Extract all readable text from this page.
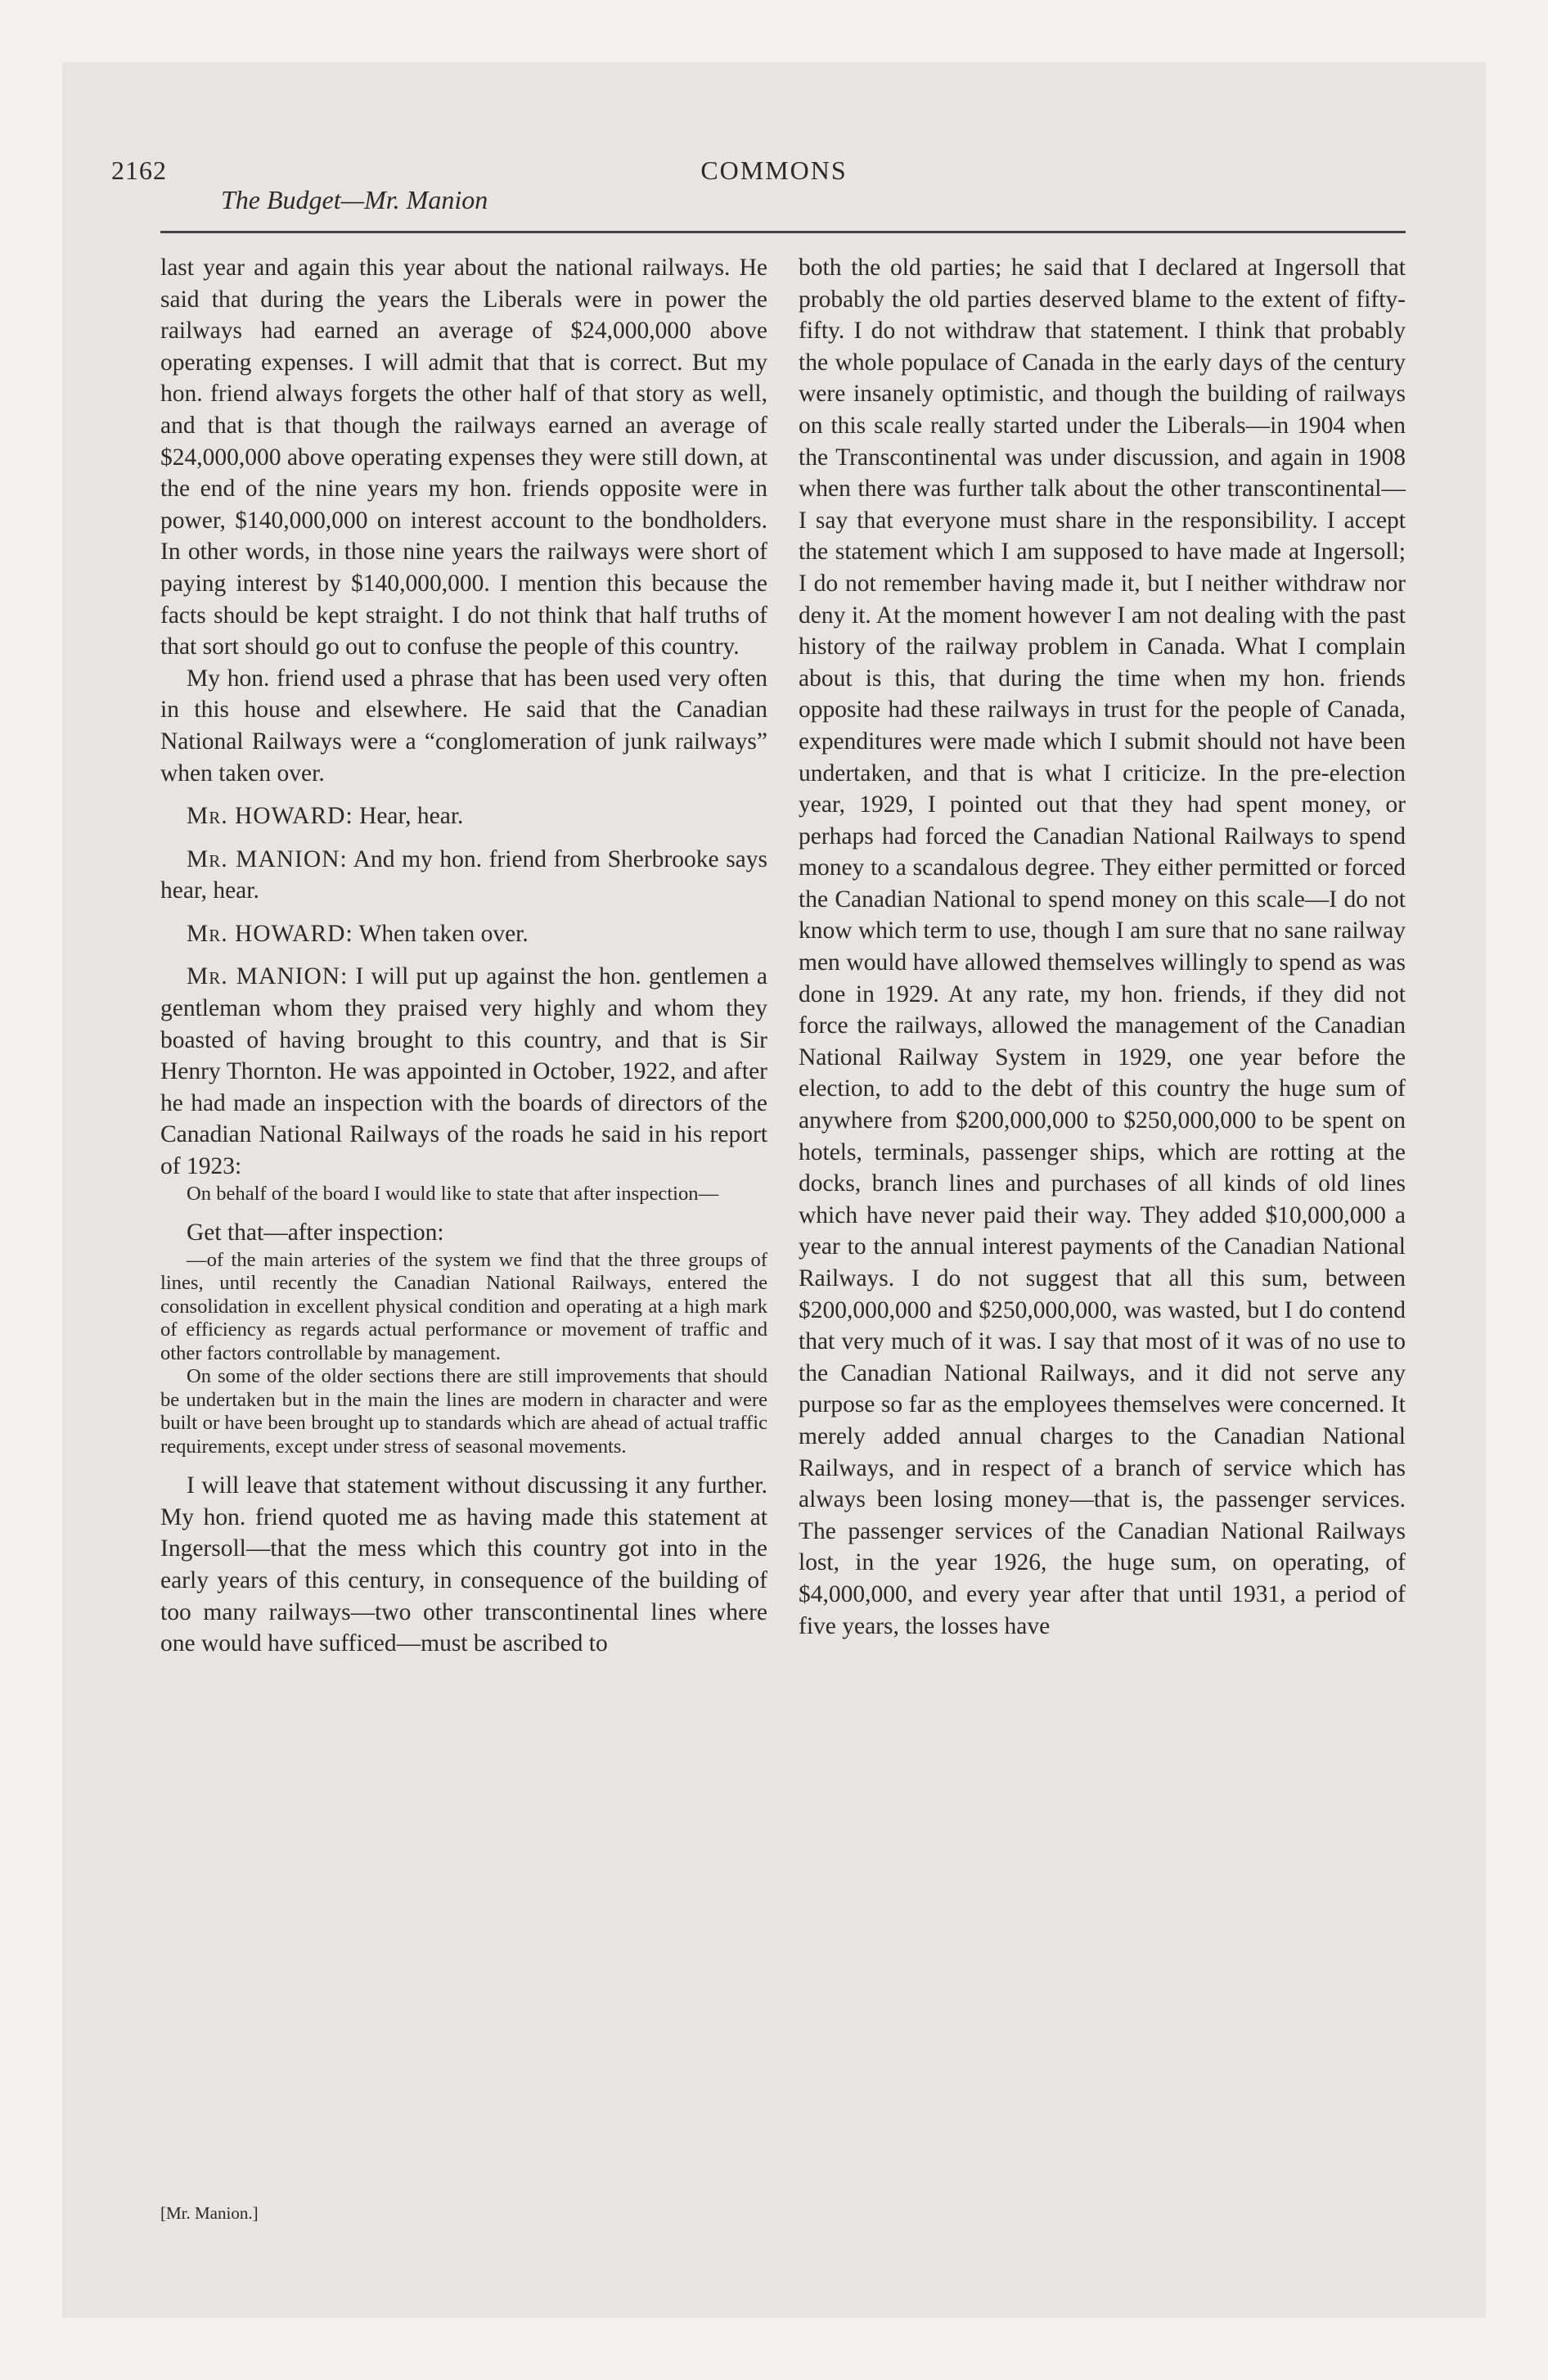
2162	COMMONS
The Budget—Mr. Manion

last year and again this year about the national railways. He said that during the years the Liberals were in power the railways had earned an average of $24,000,000 above operating expenses. I will admit that that is correct. But my hon. friend always forgets the other half of that story as well, and that is that though the railways earned an average of $24,000,000 above operating expenses they were still down, at the end of the nine years my hon. friends opposite were in power, $140,000,000 on interest account to the bondholders. In other words, in those nine years the railways were short of paying interest by $140,000,000. I mention this because the facts should be kept straight. I do not think that half truths of that sort should go out to confuse the people of this country.

My hon. friend used a phrase that has been used very often in this house and elsewhere. He said that the Canadian National Railways were a “conglomeration of junk railways” when taken over.

Mr. HOWARD: Hear, hear.

Mr. MANION: And my hon. friend from Sherbrooke says hear, hear.

Mr. HOWARD: When taken over.

Mr. MANION: I will put up against the hon. gentlemen a gentleman whom they praised very highly and whom they boasted of having brought to this country, and that is Sir Henry Thornton. He was appointed in October, 1922, and after he had made an inspection with the boards of directors of the Canadian National Railways of the roads he said in his report of 1923:

On behalf of the board I would like to state that after inspection—

Get that—after inspection:

—of the main arteries of the system we find that the three groups of lines, until recently the Canadian National Railways, entered the consolidation in excellent physical condition and operating at a high mark of efficiency as regards actual performance or movement of traffic and other factors controllable by management.

On some of the older sections there are still improvements that should be undertaken but in the main the lines are modern in character and were built or have been brought up to standards which are ahead of actual traffic requirements, except under stress of seasonal movements.

I will leave that statement without discussing it any further. My hon. friend quoted me as having made this statement at Ingersoll—that the mess which this country got into in the early years of this century, in consequence of the building of too many railways—two other transcontinental lines where one would have sufficed—must be ascribed to

both the old parties; he said that I declared at Ingersoll that probably the old parties deserved blame to the extent of fifty-fifty. I do not withdraw that statement. I think that probably the whole populace of Canada in the early days of the century were insanely optimistic, and though the building of railways on this scale really started under the Liberals—in 1904 when the Transcontinental was under discussion, and again in 1908 when there was further talk about the other transcontinental—I say that everyone must share in the responsibility. I accept the statement which I am supposed to have made at Ingersoll; I do not remember having made it, but I neither withdraw nor deny it. At the moment however I am not dealing with the past history of the railway problem in Canada. What I complain about is this, that during the time when my hon. friends opposite had these railways in trust for the people of Canada, expenditures were made which I submit should not have been undertaken, and that is what I criticize. In the pre-election year, 1929, I pointed out that they had spent money, or perhaps had forced the Canadian National Railways to spend money to a scandalous degree. They either permitted or forced the Canadian National to spend money on this scale—I do not know which term to use, though I am sure that no sane railway men would have allowed themselves willingly to spend as was done in 1929. At any rate, my hon. friends, if they did not force the railways, allowed the management of the Canadian National Railway System in 1929, one year before the election, to add to the debt of this country the huge sum of anywhere from $200,000,000 to $250,000,000 to be spent on hotels, terminals, passenger ships, which are rotting at the docks, branch lines and purchases of all kinds of old lines which have never paid their way. They added $10,000,000 a year to the annual interest payments of the Canadian National Railways. I do not suggest that all this sum, between $200,000,000 and $250,000,000, was wasted, but I do contend that very much of it was. I say that most of it was of no use to the Canadian National Railways, and it did not serve any purpose so far as the employees themselves were concerned. It merely added annual charges to the Canadian National Railways, and in respect of a branch of service which has always been losing money—that is, the passenger services. The passenger services of the Canadian National Railways lost, in the year 1926, the huge sum, on operating, of $4,000,000, and every year after that until 1931, a period of five years, the losses have

[Mr. Manion.]
